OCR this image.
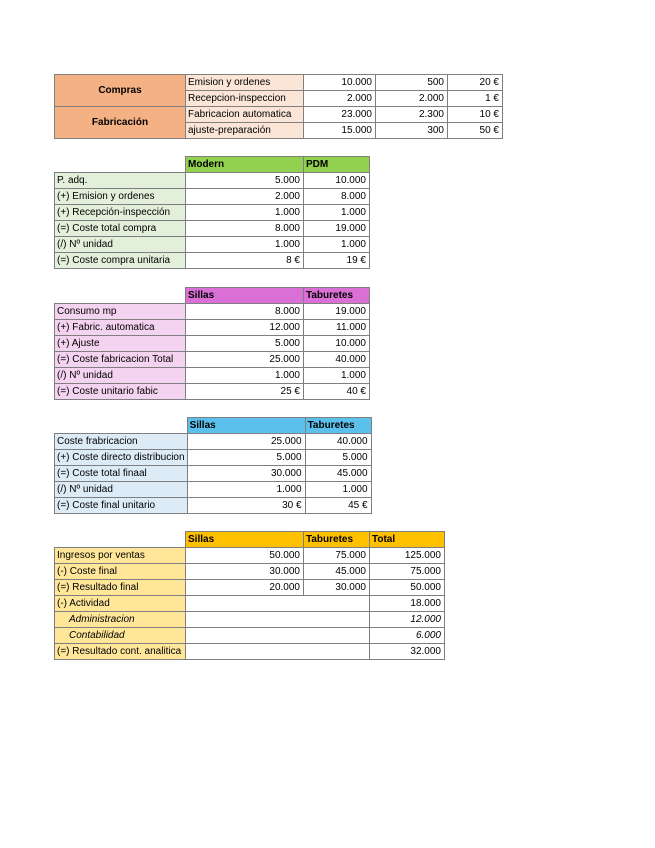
Compras	Emision y ordenes	10.000	500	20 €
	Recepcion-inspeccion	2.000	2.000	1 €
Fabricación	Fabricacion automatica	23.000	2.300	10 €
	ajuste-preparación	15.000	300	50 €
	Modern	PDM
P. adq.	5.000	10.000
(+) Emision y ordenes	2.000	8.000
(+) Recepción-inspección	1.000	1.000
(=) Coste total compra	8.000	19.000
(/) Nº unidad	1.000	1.000
(=) Coste compra unitaria	8 €	19 €
	Sillas	Taburetes
Consumo mp	8.000	19.000
(+) Fabric. automatica	12.000	11.000
(+) Ajuste	5.000	10.000
(=) Coste fabricacion Total	25.000	40.000
(/) Nº unidad	1.000	1.000
(=) Coste unitario fabic	25 €	40 €
	Sillas	Taburetes
Coste frabricacion	25.000	40.000
(+) Coste directo distribucion	5.000	5.000
(=) Coste total finaal	30.000	45.000
(/) Nº unidad	1.000	1.000
(=) Coste final unitario	30 €	45 €
	Sillas	Taburetes	Total
Ingresos por ventas	50.000	75.000	125.000
(-) Coste final	30.000	45.000	75.000
(=) Resultado final	20.000	30.000	50.000
(-) Actividad			18.000
Administracion			12.000
Contabilidad			6.000
(=) Resultado cont. analitica			32.000
